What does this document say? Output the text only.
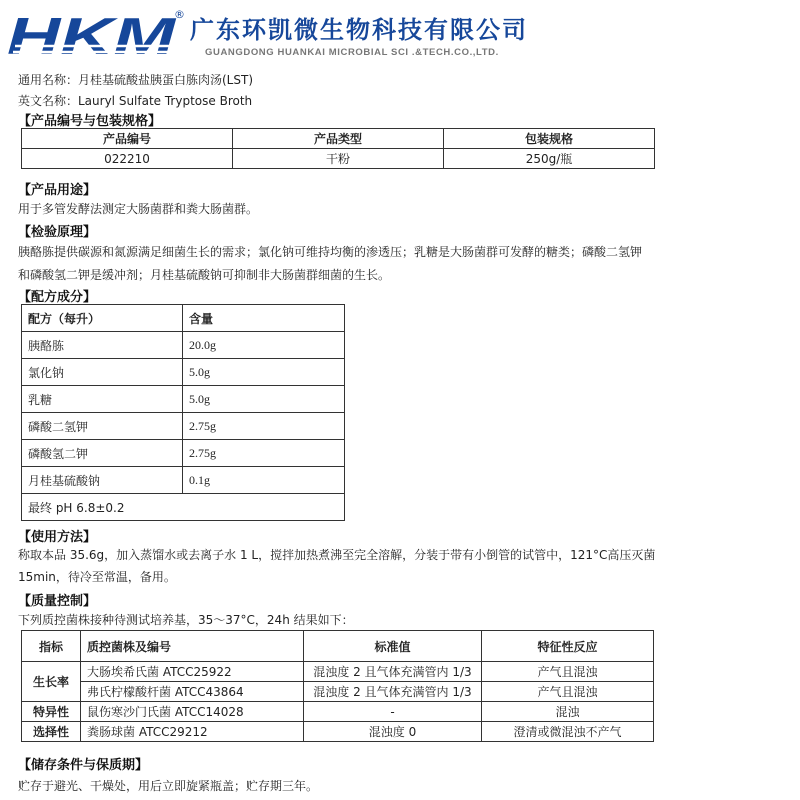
HKM
®
广东环凯微生物科技有限公司
GUANGDONG HUANKAI MICROBIAL SCI .&TECH.CO.,LTD.
通用名称：月桂基硫酸盐胰蛋白胨肉汤(LST)
英文名称：Lauryl Sulfate Tryptose Broth
【产品编号与包装规格】
产品编号	产品类型	包装规格
022210	干粉	250g/瓶
【产品用途】
用于多管发酵法测定大肠菌群和粪大肠菌群。
【检验原理】
胰酪胨提供碳源和氮源满足细菌生长的需求；氯化钠可维持均衡的渗透压；乳糖是大肠菌群可发酵的糖类；磷酸二氢钾
和磷酸氢二钾是缓冲剂；月桂基硫酸钠可抑制非大肠菌群细菌的生长。
【配方成分】
配方（每升）	含量
胰酪胨	20.0g
氯化钠	5.0g
乳糖	5.0g
磷酸二氢钾	2.75g
磷酸氢二钾	2.75g
月桂基硫酸钠	0.1g
最终 pH 6.8±0.2	
【使用方法】
称取本品 35.6g，加入蒸馏水或去离子水 1 L，搅拌加热煮沸至完全溶解，分装于带有小倒管的试管中，121°C高压灭菌
15min，待冷至常温，备用。
【质量控制】
下列质控菌株接种待测试培养基，35～37°C，24h 结果如下：
指标	质控菌株及编号	标准值	特征性反应
生长率	大肠埃希氏菌 ATCC25922	混浊度 2 且气体充满管内 1/3	产气且混浊
	弗氏柠檬酸杆菌 ATCC43864	混浊度 2 且气体充满管内 1/3	产气且混浊
特异性	鼠伤寒沙门氏菌 ATCC14028	-	混浊
选择性	粪肠球菌 ATCC29212	混浊度 0	澄清或微混浊不产气
【储存条件与保质期】
贮存于避光、干燥处，用后立即旋紧瓶盖；贮存期三年。
